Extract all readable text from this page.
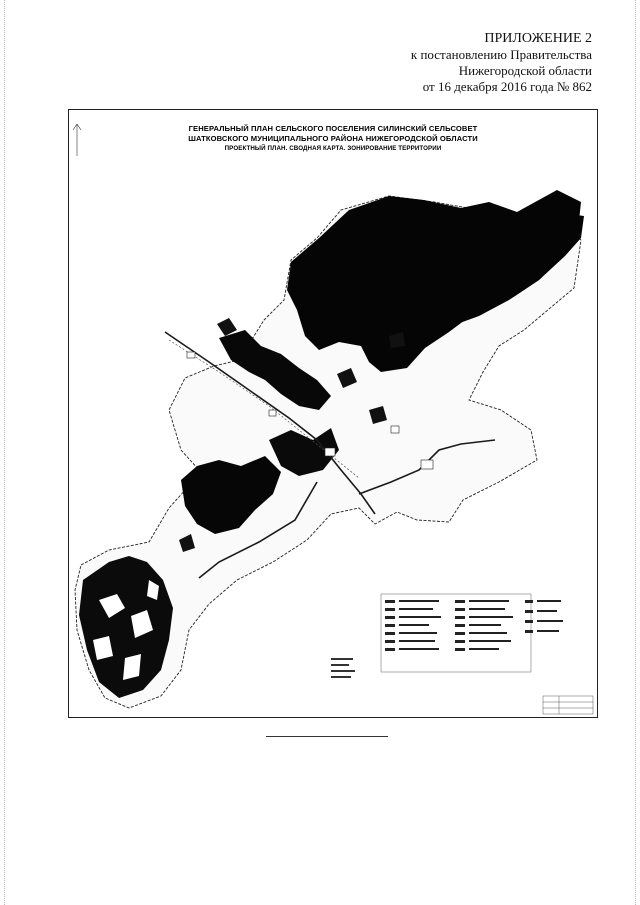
ПРИЛОЖЕНИЕ 2
к постановлению Правительства
Нижегородской области
от 16 декабря 2016 года № 862
ГЕНЕРАЛЬНЫЙ ПЛАН СЕЛЬСКОГО ПОСЕЛЕНИЯ СИЛИНСКИЙ СЕЛЬСОВЕТ
ШАТКОВСКОГО МУНИЦИПАЛЬНОГО РАЙОНА НИЖЕГОРОДСКОЙ ОБЛАСТИ
ПРОЕКТНЫЙ ПЛАН. СВОДНАЯ КАРТА. ЗОНИРОВАНИЕ ТЕРРИТОРИИ
